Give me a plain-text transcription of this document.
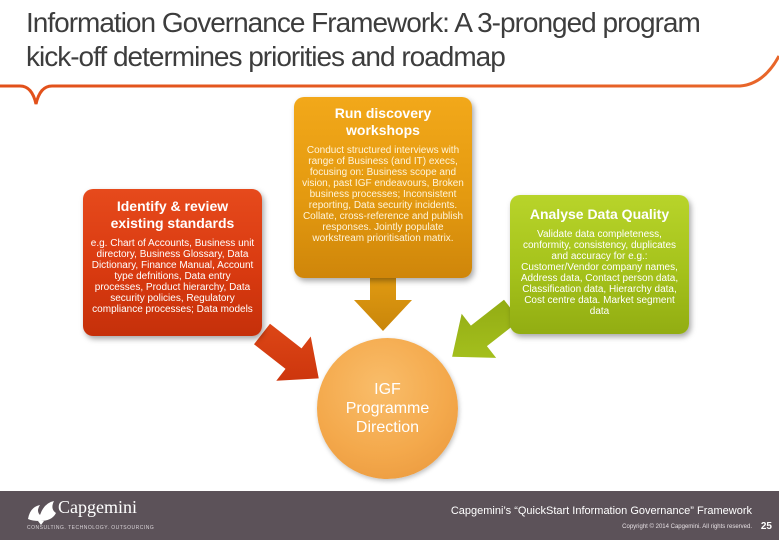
Information Governance Framework: A 3-pronged program
kick-off determines priorities and roadmap
Identify & review existing standards
e.g. Chart of Accounts, Business unit directory, Business Glossary, Data Dictionary, Finance Manual, Account type defnitions, Data entry processes, Product hierarchy, Data security policies, Regulatory compliance processes; Data models
Run discovery workshops
Conduct structured interviews with range of Business (and IT) execs, focusing on: Business scope and vision, past IGF endeavours, Broken business processes; Inconsistent reporting, Data security incidents. Collate, cross-reference and publish responses. Jointly populate workstream prioritisation matrix.
Analyse Data Quality
Validate data completeness, conformity, consistency, duplicates and accuracy for e.g.: Customer/Vendor company names, Address data, Contact person data, Classification data, Hierarchy data, Cost centre data. Market segment data
IGF Programme Direction
Capgemini
CONSULTING. TECHNOLOGY. OUTSOURCING
Capgemini’s “QuickStart Information Governance” Framework
Copyright © 2014 Capgemini. All rights reserved. 25
